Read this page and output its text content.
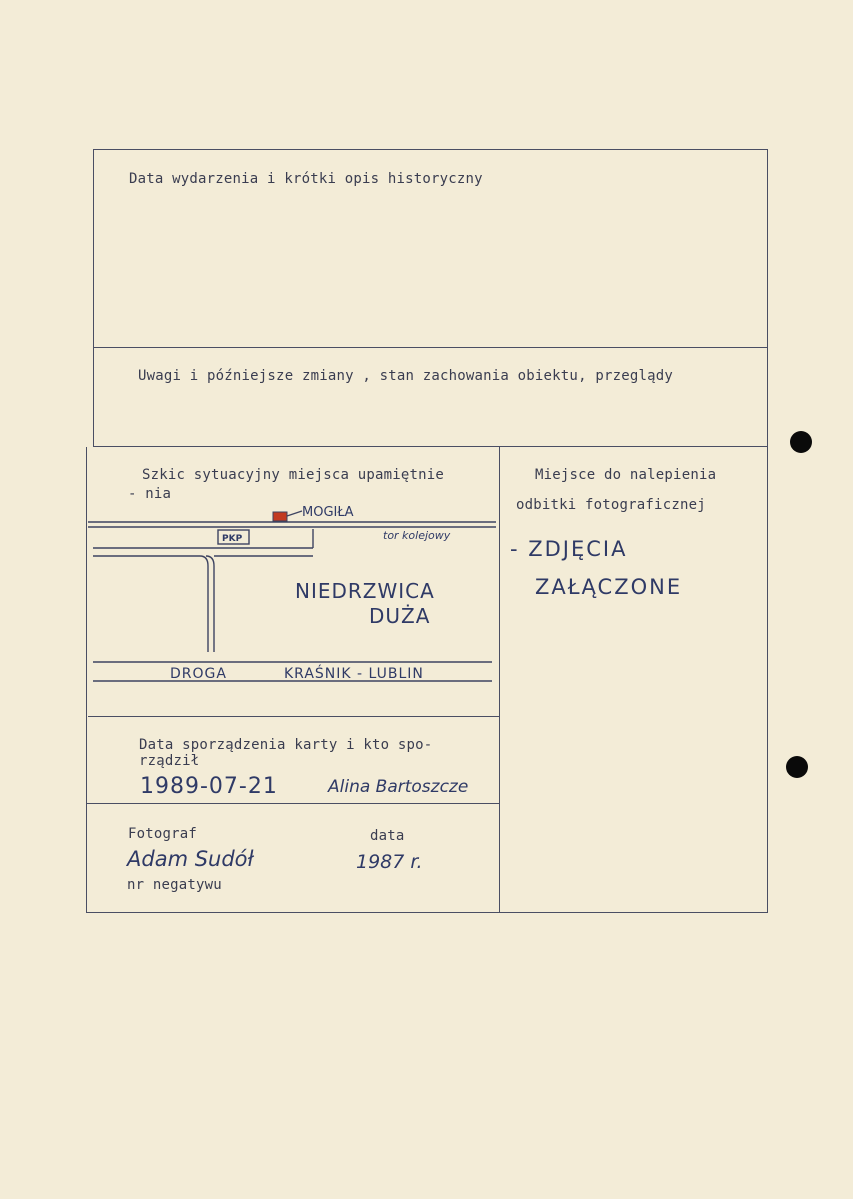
Data wydarzenia i krótki opis historyczny
Uwagi i późniejsze zmiany , stan zachowania obiektu, przeglądy
Szkic sytuacyjny miejsca upamiętnie
- nia
Miejsce do nalepienia
odbitki fotograficznej
- ZDJĘCIA
ZAŁĄCZONE
MOGIŁA
PKP	tor kolejowy
NIEDRZWICA
DUŻA
DROGA	KRAŚNIK - LUBLIN
Data sporządzenia karty i kto spo-
rządził
1989-07-21	Alina Bartoszcze
Fotograf	data
Adam Sudół	1987 r.
nr negatywu
